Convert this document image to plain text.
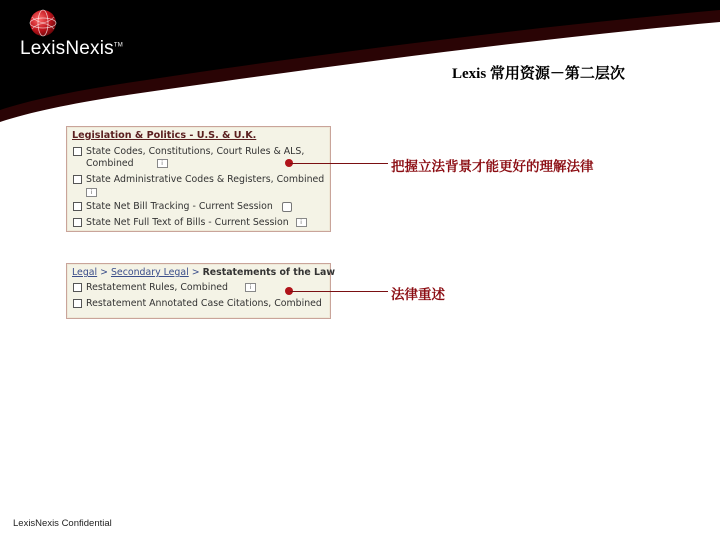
LexisNexis™
Lexis 常用资源－第二层次
Legislation & Politics - U.S. & U.K.
State Codes, Constitutions, Court Rules & ALS,
Combined	i
State Administrative Codes & Registers, Combined
i
State Net Bill Tracking - Current Session
State Net Full Text of Bills - Current Session i
Legal > Secondary Legal > Restatements of the Law
Restatement Rules, Combined	i
Restatement Annotated Case Citations, Combined
把握立法背景才能更好的理解法律
法律重述
LexisNexis Confidential
